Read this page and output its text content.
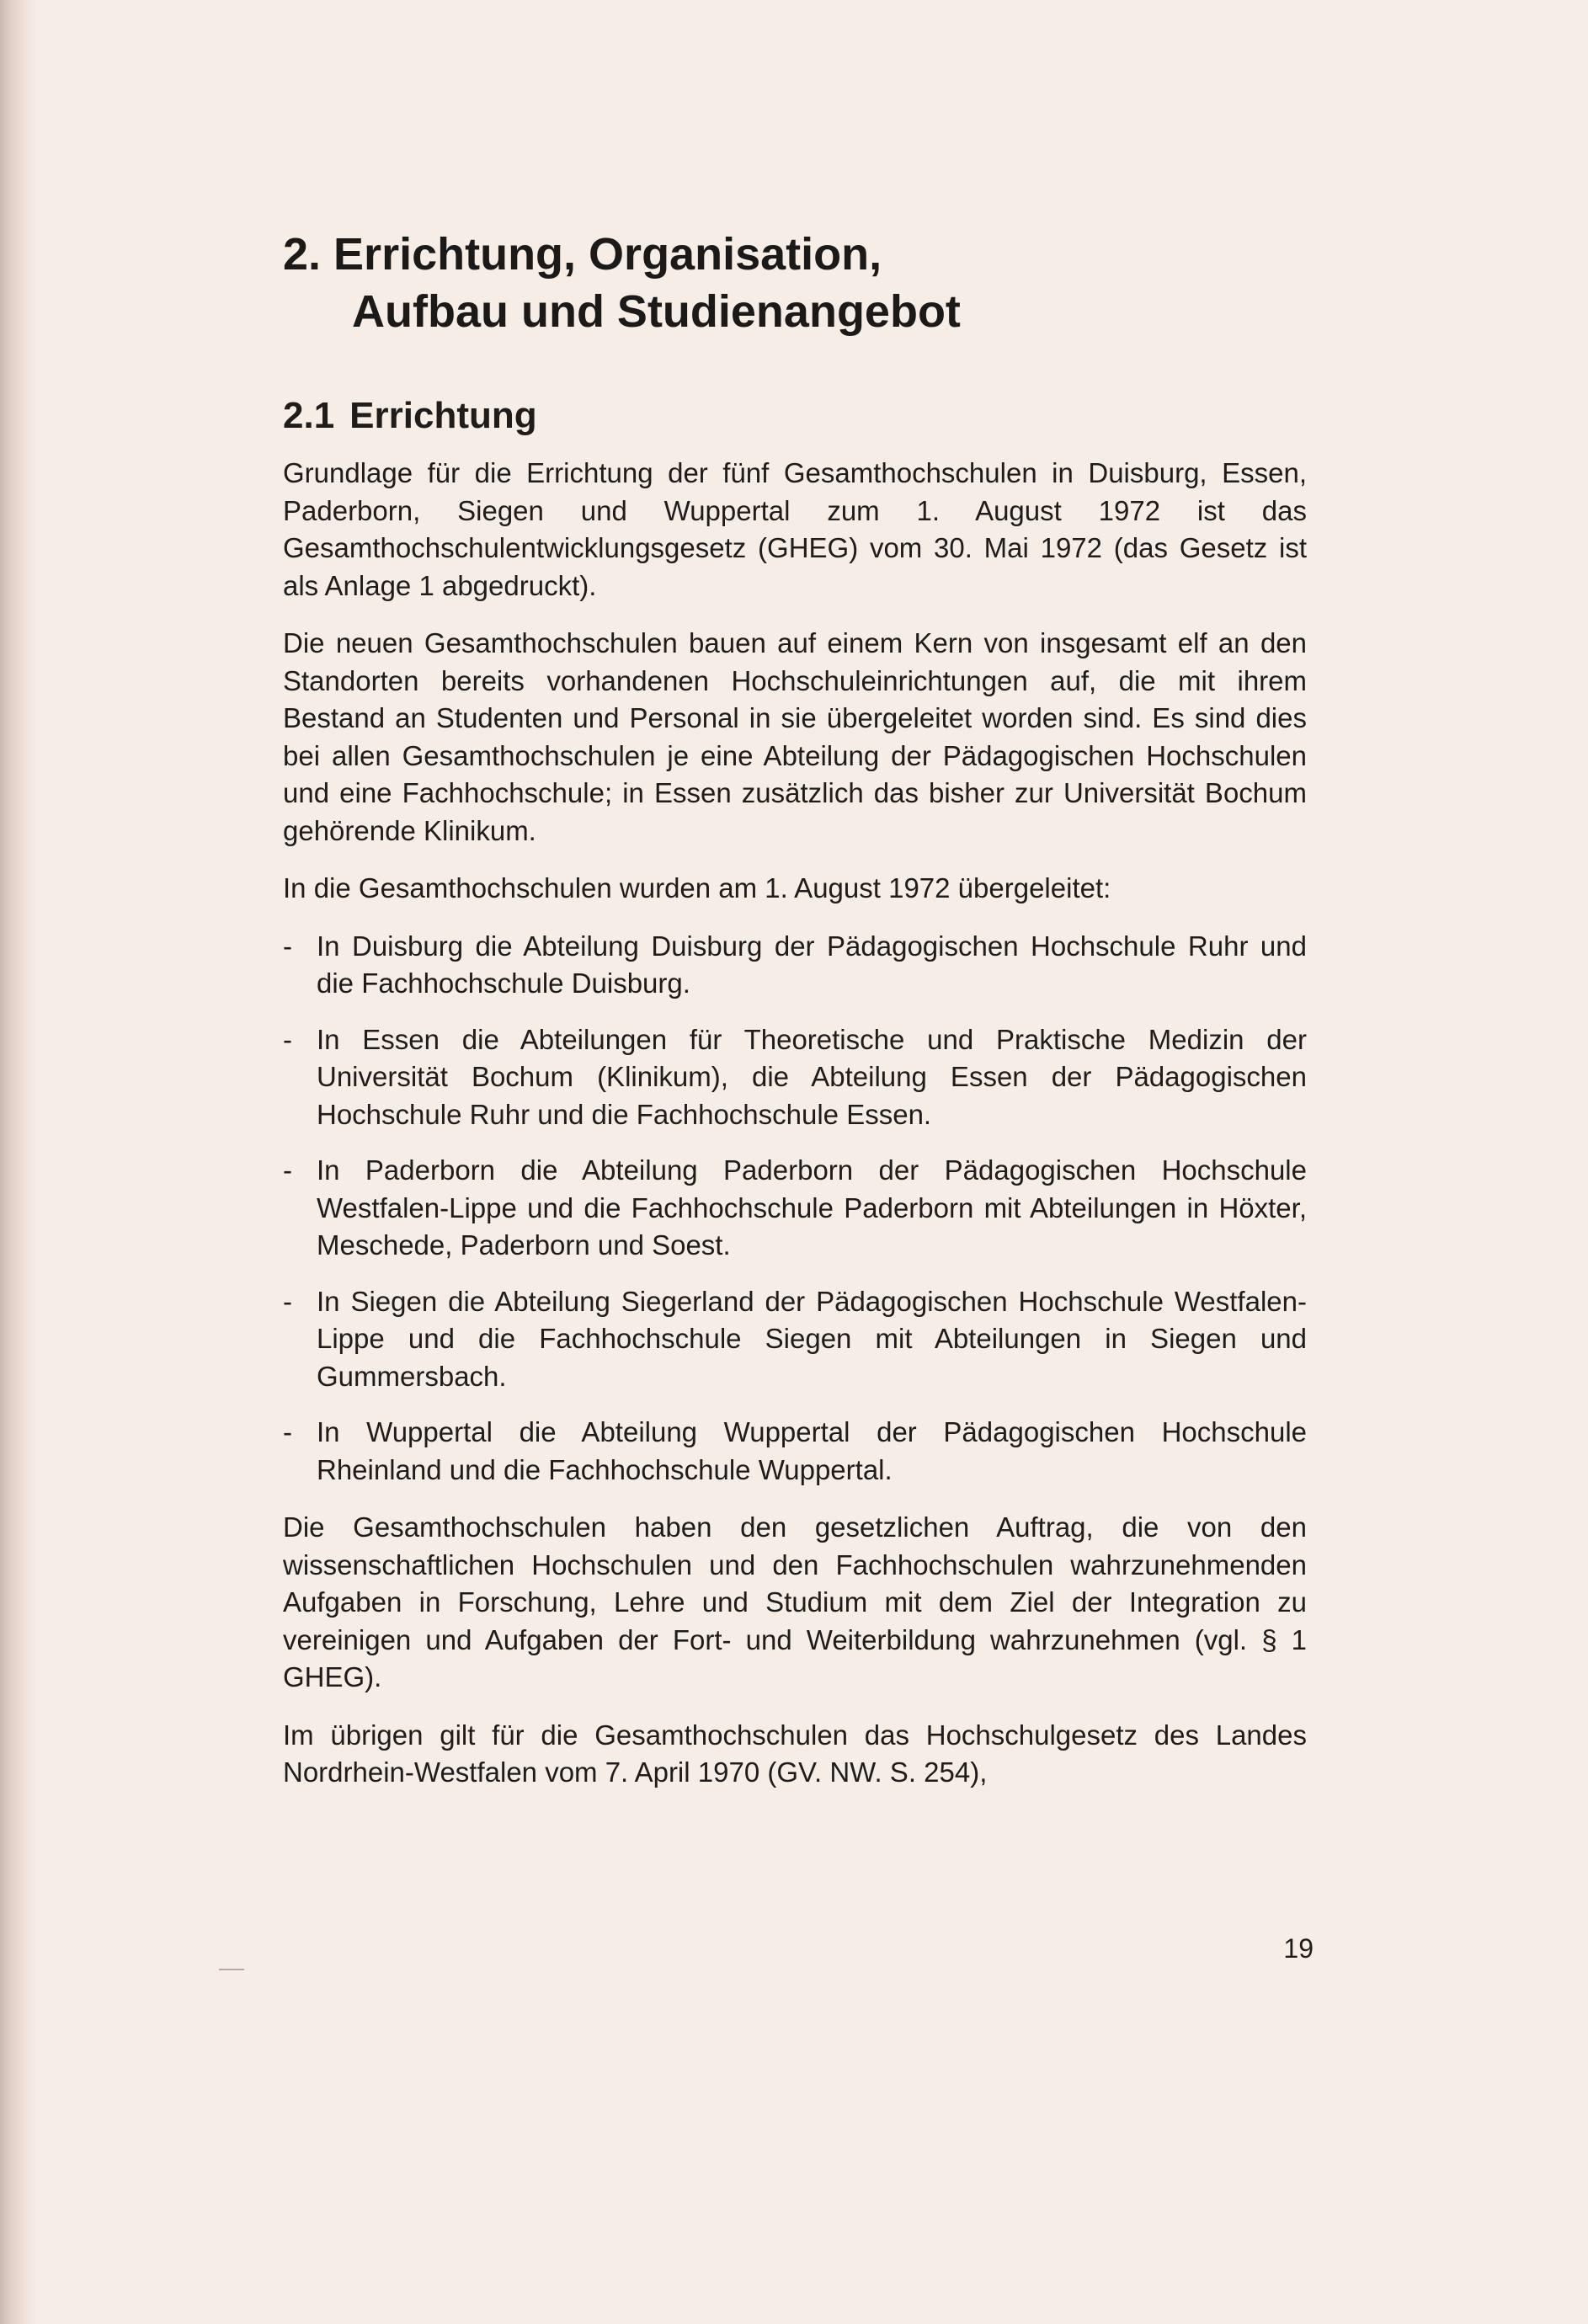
2. Errichtung, Organisation,
Aufbau und Studienangebot
2.1 Errichtung

Grundlage für die Errichtung der fünf Gesamthochschulen in Duisburg, Essen, Paderborn, Siegen und Wuppertal zum 1. August 1972 ist das Gesamthochschulentwicklungsgesetz (GHEG) vom 30. Mai 1972 (das Gesetz ist als Anlage 1 abgedruckt).

Die neuen Gesamthochschulen bauen auf einem Kern von insgesamt elf an den Standorten bereits vorhandenen Hochschuleinrichtungen auf, die mit ihrem Bestand an Studenten und Personal in sie übergeleitet worden sind. Es sind dies bei allen Gesamthochschulen je eine Abteilung der Pädagogischen Hochschulen und eine Fachhochschule; in Essen zusätzlich das bisher zur Universität Bochum gehörende Klinikum.

In die Gesamthochschulen wurden am 1. August 1972 übergeleitet:

- In Duisburg die Abteilung Duisburg der Pädagogischen Hochschule Ruhr und die Fachhochschule Duisburg.
- In Essen die Abteilungen für Theoretische und Praktische Medizin der Universität Bochum (Klinikum), die Abteilung Essen der Pädagogischen Hochschule Ruhr und die Fachhochschule Essen.
- In Paderborn die Abteilung Paderborn der Pädagogischen Hochschule Westfalen-Lippe und die Fachhochschule Paderborn mit Abteilungen in Höxter, Meschede, Paderborn und Soest.
- In Siegen die Abteilung Siegerland der Pädagogischen Hochschule Westfalen-Lippe und die Fachhochschule Siegen mit Abteilungen in Siegen und Gummersbach.
- In Wuppertal die Abteilung Wuppertal der Pädagogischen Hochschule Rheinland und die Fachhochschule Wuppertal.

Die Gesamthochschulen haben den gesetzlichen Auftrag, die von den wissenschaftlichen Hochschulen und den Fachhochschulen wahrzunehmenden Aufgaben in Forschung, Lehre und Studium mit dem Ziel der Integration zu vereinigen und Aufgaben der Fort- und Weiterbildung wahrzunehmen (vgl. § 1 GHEG).

Im übrigen gilt für die Gesamthochschulen das Hochschulgesetz des Landes Nordrhein-Westfalen vom 7. April 1970 (GV. NW. S. 254),

19
